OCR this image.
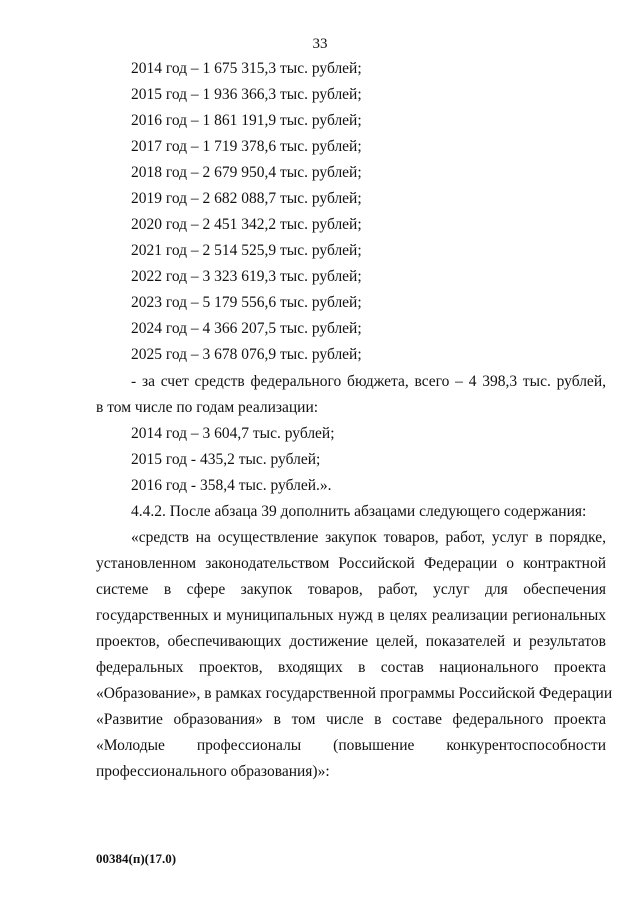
33
2014 год – 1 675 315,3 тыс. рублей;
2015 год – 1 936 366,3 тыс. рублей;
2016 год – 1 861 191,9 тыс. рублей;
2017 год – 1 719 378,6 тыс. рублей;
2018 год – 2 679 950,4 тыс. рублей;
2019 год – 2 682 088,7 тыс. рублей;
2020 год – 2 451 342,2 тыс. рублей;
2021 год – 2 514 525,9 тыс. рублей;
2022 год – 3 323 619,3 тыс. рублей;
2023 год – 5 179 556,6 тыс. рублей;
2024 год – 4 366 207,5 тыс. рублей;
2025 год – 3 678 076,9 тыс. рублей;
- за счет средств федерального бюджета, всего – 4 398,3 тыс. рублей,
в том числе по годам реализации:
2014 год – 3 604,7 тыс. рублей;
2015 год - 435,2 тыс. рублей;
2016 год - 358,4 тыс. рублей.».
4.4.2. После абзаца 39 дополнить абзацами следующего содержания:
«средств на осуществление закупок товаров, работ, услуг в порядке,
установленном законодательством Российской Федерации о контрактной
системе в сфере закупок товаров, работ, услуг для обеспечения
государственных и муниципальных нужд в целях реализации региональных
проектов, обеспечивающих достижение целей, показателей и результатов
федеральных проектов, входящих в состав национального проекта
«Образование», в рамках государственной программы Российской Федерации
«Развитие образования» в том числе в составе федерального проекта
«Молодые профессионалы (повышение конкурентоспособности
профессионального образования)»:
00384(п)(17.0)
